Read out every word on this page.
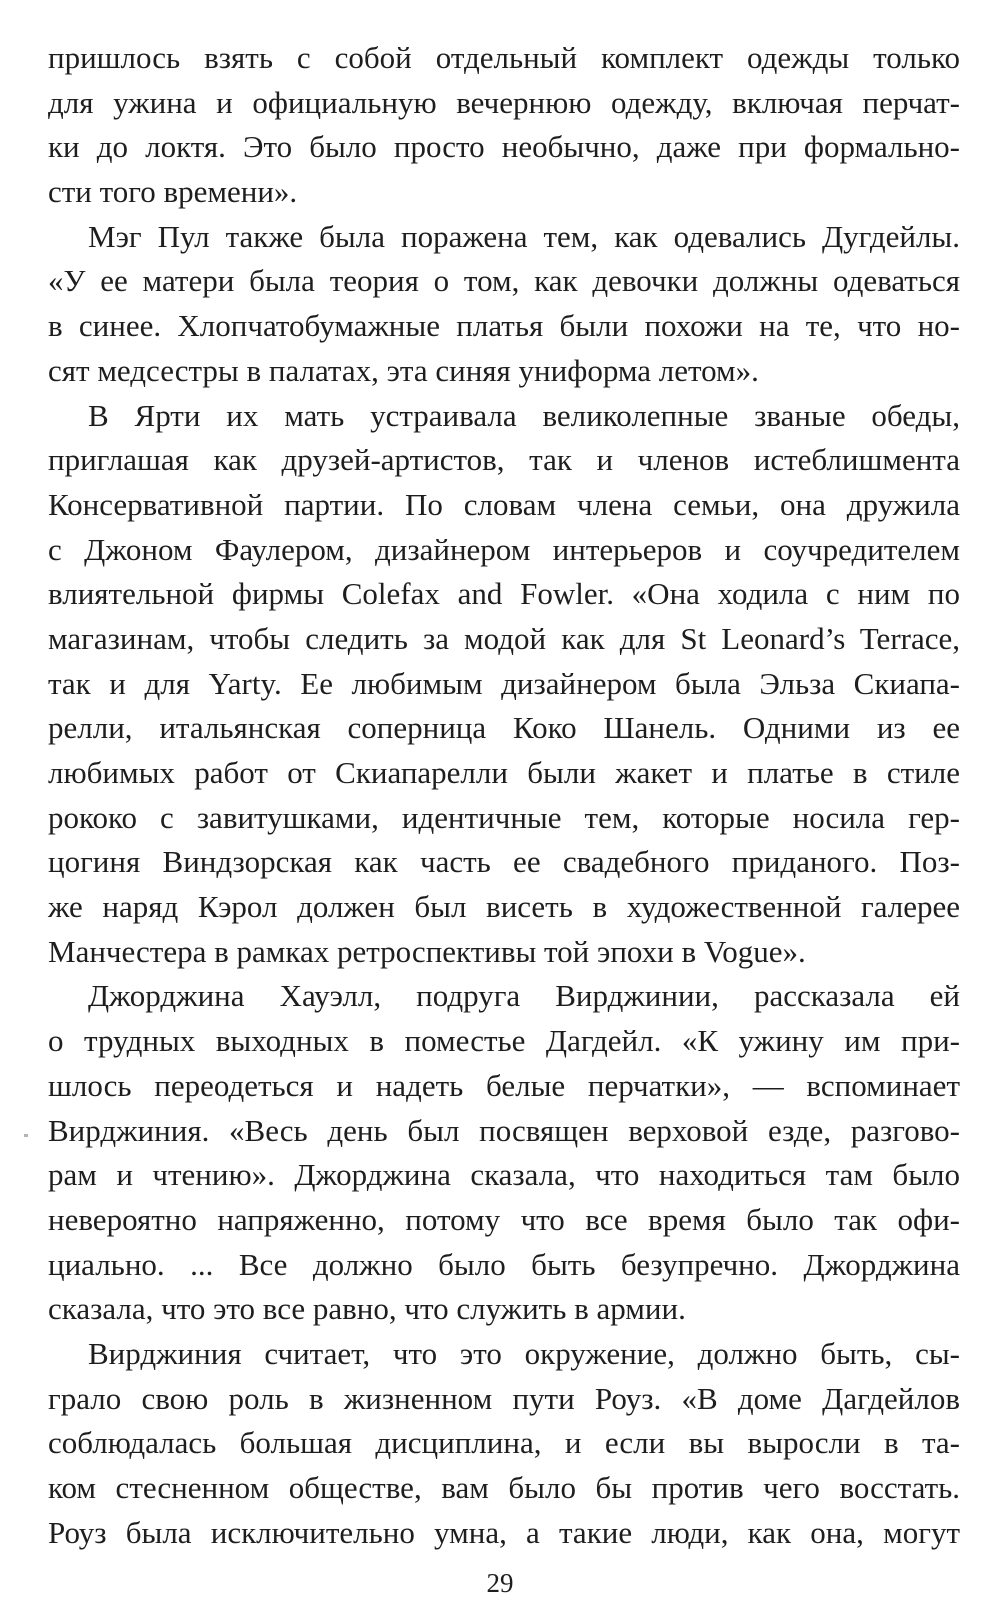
пришлось взять с собой отдельный комплект одежды только
для ужина и официальную вечернюю одежду, включая перчат-
ки до локтя. Это было просто необычно, даже при формально-
сти того времени».
Мэг Пул также была поражена тем, как одевались Дугдейлы.
«У ее матери была теория о том, как девочки должны одеваться
в синее. Хлопчатобумажные платья были похожи на те, что но-
сят медсестры в палатах, эта синяя униформа летом».
В Ярти их мать устраивала великолепные званые обеды,
приглашая как друзей-артистов, так и членов истеблишмента
Консервативной партии. По словам члена семьи, она дружила
с Джоном Фаулером, дизайнером интерьеров и соучредителем
влиятельной фирмы Colefax and Fowler. «Она ходила с ним по
магазинам, чтобы следить за модой как для St Leonard’s Terrace,
так и для Yarty. Ее любимым дизайнером была Эльза Скиапа-
релли, итальянская соперница Коко Шанель. Одними из ее
любимых работ от Скиапарелли были жакет и платье в стиле
рококо с завитушками, идентичные тем, которые носила гер-
цогиня Виндзорская как часть ее свадебного приданого. Поз-
же наряд Кэрол должен был висеть в художественной галерее
Манчестера в рамках ретроспективы той эпохи в Vogue».
Джорджина Хауэлл, подруга Вирджинии, рассказала ей
о трудных выходных в поместье Дагдейл. «К ужину им при-
шлось переодеться и надеть белые перчатки», — вспоминает
Вирджиния. «Весь день был посвящен верховой езде, разгово-
рам и чтению». Джорджина сказала, что находиться там было
невероятно напряженно, потому что все время было так офи-
циально. ... Все должно было быть безупречно. Джорджина
сказала, что это все равно, что служить в армии.
Вирджиния считает, что это окружение, должно быть, сы-
грало свою роль в жизненном пути Роуз. «В доме Дагдейлов
соблюдалась большая дисциплина, и если вы выросли в та-
ком стесненном обществе, вам было бы против чего восстать.
Роуз была исключительно умна, а такие люди, как она, могут
29
